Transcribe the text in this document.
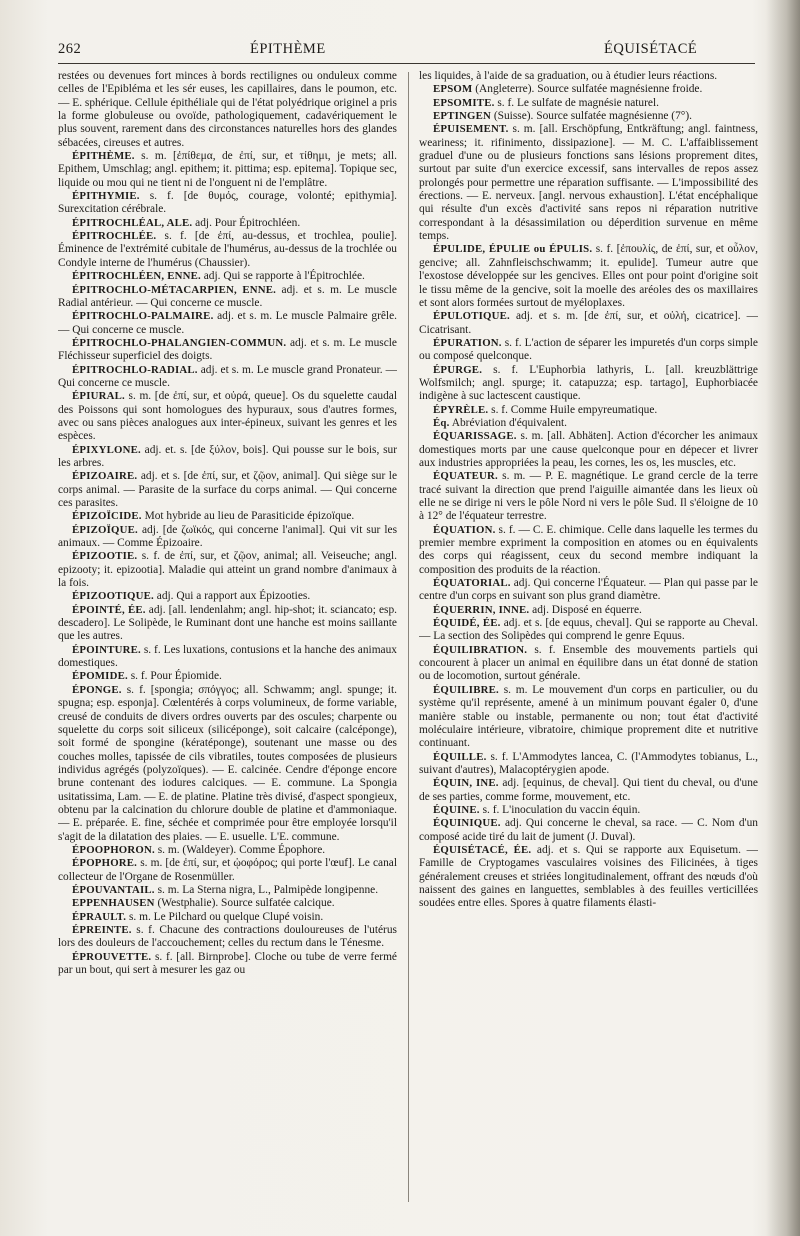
262	ÉPITHÈME	ÉQUISÉTACÉ

restées ou devenues fort minces à bords rectilignes ou onduleux comme celles de l'Epibléma et les sér euses, les capillaires, dans le poumon, etc. — E. sphérique. Cellule épithéliale qui de l'état polyédrique originel a pris la forme globuleuse ou ovoïde, pathologiquement, cadavériquement le plus souvent, rarement dans des circonstances naturelles hors des glandes sébacées, cireuses et autres.

ÉPITHÈME. s. m. [ἐπίθεμα, de ἐπί, sur, et τίθημι, je mets; all. Epithem, Umschlag; angl. epithem; it. pittima; esp. epitema]. Topique sec, liquide ou mou qui ne tient ni de l'onguent ni de l'emplâtre.

ÉPITHYMIE. s. f. [de θυμός, courage, volonté; epithymia]. Surexcitation cérébrale.

ÉPITROCHLÉAL, ALE. adj. Pour Épitrochléen.

ÉPITROCHLÉE. s. f. [de ἐπί, au-dessus, et trochlea, poulie]. Éminence de l'extrémité cubitale de l'humérus, au-dessus de la trochlée ou Condyle interne de l'humérus (Chaussier).

ÉPITROCHLÉEN, ENNE. adj. Qui se rapporte à l'Épitrochlée.

ÉPITROCHLO-MÉTACARPIEN, ENNE. adj. et s. m. Le muscle Radial antérieur. — Qui concerne ce muscle.

ÉPITROCHLO-PALMAIRE. adj. et s. m. Le muscle Palmaire grêle. — Qui concerne ce muscle.

ÉPITROCHLO-PHALANGIEN-COMMUN. adj. et s. m. Le muscle Fléchisseur superficiel des doigts.

ÉPITROCHLO-RADIAL. adj. et s. m. Le muscle grand Pronateur. — Qui concerne ce muscle.

ÉPIURAL. s. m. [de ἐπί, sur, et οὐρά, queue]. Os du squelette caudal des Poissons qui sont homologues des hypuraux, sous d'autres formes, avec ou sans pièces analogues aux inter-épineux, suivant les genres et les espèces.

ÉPIXYLONE. adj. et. s. [de ξύλον, bois]. Qui pousse sur le bois, sur les arbres.

ÉPIZOAIRE. adj. et s. [de ἐπί, sur, et ζῷον, animal]. Qui siège sur le corps animal. — Parasite de la surface du corps animal. — Qui concerne ces parasites.

ÉPIZOÏCIDE. Mot hybride au lieu de Parasiticide épizoïque.

ÉPIZOÏQUE. adj. [de ζωϊκός, qui concerne l'animal]. Qui vit sur les animaux. — Comme Épizoaire.

ÉPIZOOTIE. s. f. de ἐπί, sur, et ζῷον, animal; all. Veiseuche; angl. epizooty; it. epizootia]. Maladie qui atteint un grand nombre d'animaux à la fois.

ÉPIZOOTIQUE. adj. Qui a rapport aux Épizooties.

ÉPOINTÉ, ÉE. adj. [all. lendenlahm; angl. hip-shot; it. sciancato; esp. descadero]. Le Solipède, le Ruminant dont une hanche est moins saillante que les autres.

ÉPOINTURE. s. f. Les luxations, contusions et la hanche des animaux domestiques.

ÉPOMIDE. s. f. Pour Épiomide.

ÉPONGE. s. f. [spongia; σπόγγος; all. Schwamm; angl. spunge; it. spugna; esp. esponja]. Cœlentérés à corps volumineux, de forme variable, creusé de conduits de divers ordres ouverts par des oscules; charpente ou squelette du corps soit siliceux (silicéponge), soit calcaire (calcéponge), soit formé de spongine (kératéponge), soutenant une masse ou des couches molles, tapissée de cils vibratiles, toutes composées de plusieurs individus agrégés (polyzoïques). — E. calcinée. Cendre d'éponge encore brune contenant des iodures calciques. — E. commune. La Spongia usitatissima, Lam. — E. de platine. Platine très divisé, d'aspect spongieux, obtenu par la calcination du chlorure double de platine et d'ammoniaque. — E. préparée. E. fine, séchée et comprimée pour être employée lorsqu'il s'agit de la dilatation des plaies. — E. usuelle. L'E. commune.

ÉPOOPHORON. s. m. (Waldeyer). Comme Épophore.

ÉPOPHORE. s. m. [de ἐπί, sur, et ᾠοφόρος; qui porte l'œuf]. Le canal collecteur de l'Organe de Rosenmüller.

ÉPOUVANTAIL. s. m. La Sterna nigra, L., Palmipède longipenne.

EPPENHAUSEN (Westphalie). Source sulfatée calcique.

ÉPRAULT. s. m. Le Pilchard ou quelque Clupé voisin.

ÉPREINTE. s. f. Chacune des contractions douloureuses de l'utérus lors des douleurs de l'accouchement; celles du rectum dans le Ténesme.

ÉPROUVETTE. s. f. [all. Birnprobe]. Cloche ou tube de verre fermé par un bout, qui sert à mesurer les gaz ou

les liquides, à l'aide de sa graduation, ou à étudier leurs réactions.

EPSOM (Angleterre). Source sulfatée magnésienne froide.

EPSOMITE. s. f. Le sulfate de magnésie naturel.

EPTINGEN (Suisse). Source sulfatée magnésienne (7°).

ÉPUISEMENT. s. m. [all. Erschöpfung, Entkräftung; angl. faintness, weariness; it. rifinimento, dissipazione]. — M. C. L'affaiblissement graduel d'une ou de plusieurs fonctions sans lésions proprement dites, surtout par suite d'un exercice excessif, sans intervalles de repos assez prolongés pour permettre une réparation suffisante. — L'impossibilité des érections. — E. nerveux. [angl. nervous exhaustion]. L'état encéphalique qui résulte d'un excès d'activité sans repos ni réparation nutritive correspondant à la désassimilation ou déperdition survenue en même temps.

ÉPULIDE, ÉPULIE ou ÉPULIS. s. f. [ἐπουλίς, de ἐπί, sur, et οὖλον, gencive; all. Zahnfleischschwamm; it. epulide]. Tumeur autre que l'exostose développée sur les gencives. Elles ont pour point d'origine soit le tissu même de la gencive, soit la moelle des aréoles des os maxillaires et sont alors formées surtout de myéloplaxes.

ÉPULOTIQUE. adj. et s. m. [de ἐπί, sur, et οὐλή, cicatrice]. — Cicatrisant.

ÉPURATION. s. f. L'action de séparer les impuretés d'un corps simple ou composé quelconque.

ÉPURGE. s. f. L'Euphorbia lathyris, L. [all. kreuzblättrige Wolfsmilch; angl. spurge; it. catapuzza; esp. tartago], Euphorbiacée indigène à suc lactescent caustique.

ÉPYRÈLE. s. f. Comme Huile empyreumatique.

Éq. Abréviation d'équivalent.

ÉQUARISSAGE. s. m. [all. Abhäten]. Action d'écorcher les animaux domestiques morts par une cause quelconque pour en dépecer et livrer aux industries appropriées la peau, les cornes, les os, les muscles, etc.

ÉQUATEUR. s. m. — P. E. magnétique. Le grand cercle de la terre tracé suivant la direction que prend l'aiguille aimantée dans les lieux où elle ne se dirige ni vers le pôle Nord ni vers le pôle Sud. Il s'éloigne de 10 à 12° de l'équateur terrestre.

ÉQUATION. s. f. — C. E. chimique. Celle dans laquelle les termes du premier membre expriment la composition en atomes ou en équivalents des corps qui réagissent, ceux du second membre indiquant la composition des produits de la réaction.

ÉQUATORIAL. adj. Qui concerne l'Équateur. — Plan qui passe par le centre d'un corps en suivant son plus grand diamètre.

ÉQUERRIN, INNE. adj. Disposé en équerre.

ÉQUIDÉ, ÉE. adj. et s. [de equus, cheval]. Qui se rapporte au Cheval. — La section des Solipèdes qui comprend le genre Equus.

ÉQUILIBRATION. s. f. Ensemble des mouvements partiels qui concourent à placer un animal en équilibre dans un état donné de station ou de locomotion, surtout générale.

ÉQUILIBRE. s. m. Le mouvement d'un corps en particulier, ou du système qu'il représente, amené à un minimum pouvant égaler 0, d'une manière stable ou instable, permanente ou non; tout état d'activité moléculaire intérieure, vibratoire, chimique proprement dite et nutritive continuant.

ÉQUILLE. s. f. L'Ammodytes lancea, C. (l'Ammodytes tobianus, L., suivant d'autres), Malacoptérygien apode.

ÉQUIN, INE. adj. [equinus, de cheval]. Qui tient du cheval, ou d'une de ses parties, comme forme, mouvement, etc.

ÉQUINE. s. f. L'inoculation du vaccin équin.

ÉQUINIQUE. adj. Qui concerne le cheval, sa race. — C. Nom d'un composé acide tiré du lait de jument (J. Duval).

ÉQUISÉTACÉ, ÉE. adj. et s. Qui se rapporte aux Equisetum. — Famille de Cryptogames vasculaires voisines des Filicinées, à tiges généralement creuses et striées longitudinalement, offrant des nœuds d'où naissent des gaines en languettes, semblables à des feuilles verticillées soudées entre elles. Spores à quatre filaments élasti-
